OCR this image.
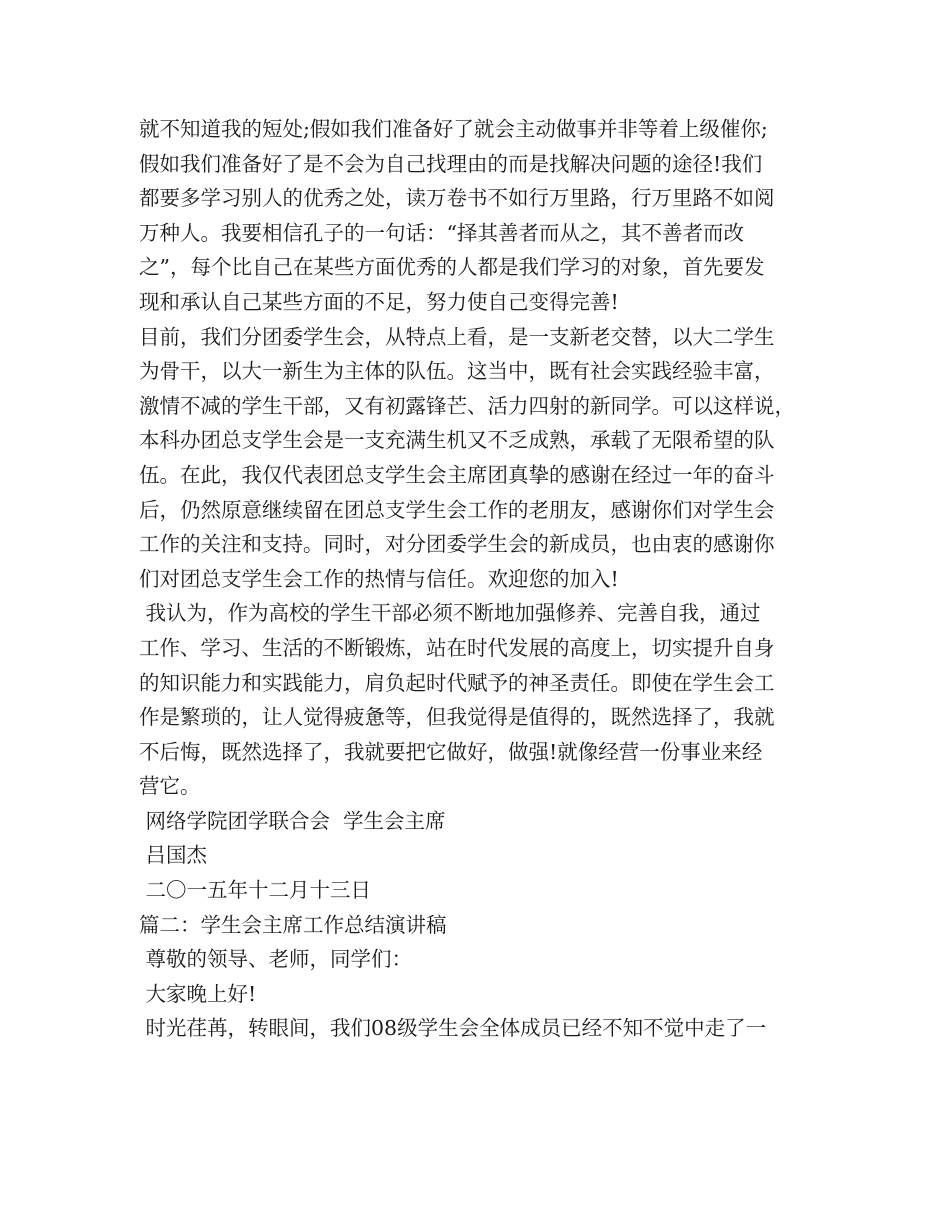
就不知道我的短处;假如我们准备好了就会主动做事并非等着上级催你;
假如我们准备好了是不会为自己找理由的而是找解决问题的途径!我们
都要多学习别人的优秀之处，读万卷书不如行万里路，行万里路不如阅
万种人。我要相信孔子的一句话：“择其善者而从之，其不善者而改
之”，每个比自己在某些方面优秀的人都是我们学习的对象，首先要发
现和承认自己某些方面的不足，努力使自己变得完善!
目前，我们分团委学生会，从特点上看，是一支新老交替，以大二学生
为骨干，以大一新生为主体的队伍。这当中，既有社会实践经验丰富，
激情不减的学生干部，又有初露锋芒、活力四射的新同学。可以这样说，
本科办团总支学生会是一支充满生机又不乏成熟，承载了无限希望的队
伍。在此，我仅代表团总支学生会主席团真挚的感谢在经过一年的奋斗
后，仍然原意继续留在团总支学生会工作的老朋友，感谢你们对学生会
工作的关注和支持。同时，对分团委学生会的新成员，也由衷的感谢你
们对团总支学生会工作的热情与信任。欢迎您的加入!
我认为，作为高校的学生干部必须不断地加强修养、完善自我，通过
工作、学习、生活的不断锻炼，站在时代发展的高度上，切实提升自身
的知识能力和实践能力，肩负起时代赋予的神圣责任。即使在学生会工
作是繁琐的，让人觉得疲惫等，但我觉得是值得的，既然选择了，我就
不后悔，既然选择了，我就要把它做好，做强!就像经营一份事业来经
营它。
网络学院团学联合会  学生会主席
吕国杰
二〇一五年十二月十三日
篇二：学生会主席工作总结演讲稿
尊敬的领导、老师，同学们：
大家晚上好!
时光荏苒，转眼间，我们08级学生会全体成员已经不知不觉中走了一
